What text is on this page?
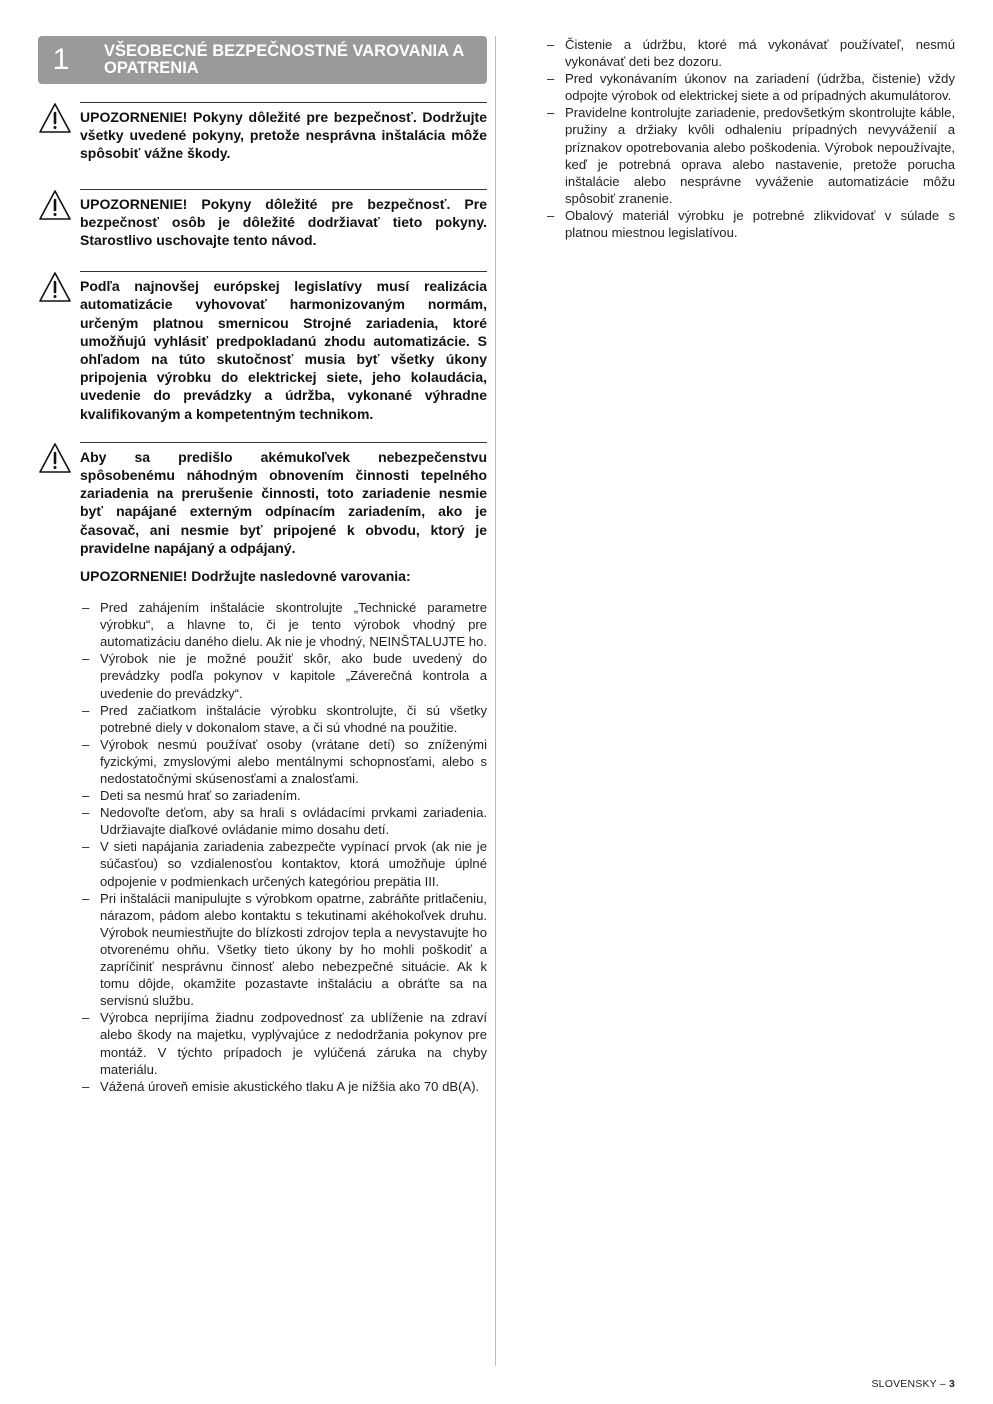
1	VŠEOBECNÉ BEZPEČNOSTNÉ VAROVANIA A OPATRENIA

UPOZORNENIE! Pokyny dôležité pre bezpečnosť. Dodržujte všetky uvedené pokyny, pretože nesprávna inštalácia môže spôsobiť vážne škody.

UPOZORNENIE! Pokyny dôležité pre bezpečnosť. Pre bezpečnosť osôb je dôležité dodržiavať tieto pokyny. Starostlivo uschovajte tento návod.

Podľa najnovšej európskej legislatívy musí realizácia automatizácie vyhovovať harmonizovaným normám, určeným platnou smernicou Strojné zariadenia, ktoré umožňujú vyhlásiť predpokladanú zhodu automatizácie. S ohľadom na túto skutočnosť musia byť všetky úkony pripojenia výrobku do elektrickej siete, jeho kolaudácia, uvedenie do prevádzky a údržba, vykonané výhradne kvalifikovaným a kompetentným technikom.

Aby sa predišlo akémukoľvek nebezpečenstvu spôsobenému náhodným obnovením činnosti tepelného zariadenia na prerušenie činnosti, toto zariadenie nesmie byť napájané externým odpínacím zariadením, ako je časovač, ani nesmie byť pripojené k obvodu, ktorý je pravidelne napájaný a odpájaný.

UPOZORNENIE! Dodržujte nasledovné varovania:

– Pred zahájením inštalácie skontrolujte „Technické parametre výrobku“, a hlavne to, či je tento výrobok vhodný pre automatizáciu daného dielu. Ak nie je vhodný, NEINŠTALUJTE ho.
– Výrobok nie je možné použiť skôr, ako bude uvedený do prevádzky podľa pokynov v kapitole „Záverečná kontrola a uvedenie do prevádzky“.
– Pred začiatkom inštalácie výrobku skontrolujte, či sú všetky potrebné diely v dokonalom stave, a či sú vhodné na použitie.
– Výrobok nesmú používať osoby (vrátane detí) so zníženými fyzickými, zmyslovými alebo mentálnymi schopnosťami, alebo s nedostatočnými skúsenosťami a znalosťami.
– Deti sa nesmú hrať so zariadením.
– Nedovoľte deťom, aby sa hrali s ovládacími prvkami zariadenia. Udržiavajte diaľkové ovládanie mimo dosahu detí.
– V sieti napájania zariadenia zabezpečte vypínací prvok (ak nie je súčasťou) so vzdialenosťou kontaktov, ktorá umožňuje úplné odpojenie v podmienkach určených kategóriou prepätia III.
– Pri inštalácii manipulujte s výrobkom opatrne, zabráňte pritlačeniu, nárazom, pádom alebo kontaktu s tekutinami akéhokoľvek druhu. Výrobok neumiestňujte do blízkosti zdrojov tepla a nevystavujte ho otvorenému ohňu. Všetky tieto úkony by ho mohli poškodiť a zapríčiniť nesprávnu činnosť alebo nebezpečné situácie. Ak k tomu dôjde, okamžite pozastavte inštaláciu a obráťte sa na servisnú službu.
– Výrobca neprijíma žiadnu zodpovednosť za ublíženie na zdraví alebo škody na majetku, vyplývajúce z nedodržania pokynov pre montáž. V týchto prípadoch je vylúčená záruka na chyby materiálu.
– Vážená úroveň emisie akustického tlaku A je nižšia ako 70 dB(A).
– Čistenie a údržbu, ktoré má vykonávať používateľ, nesmú vykonávať deti bez dozoru.
– Pred vykonávaním úkonov na zariadení (údržba, čistenie) vždy odpojte výrobok od elektrickej siete a od prípadných akumulátorov.
– Pravidelne kontrolujte zariadenie, predovšetkým skontrolujte káble, pružiny a držiaky kvôli odhaleniu prípadných nevyváženií a príznakov opotrebovania alebo poškodenia. Výrobok nepoužívajte, keď je potrebná oprava alebo nastavenie, pretože porucha inštalácie alebo nesprávne vyváženie automatizácie môžu spôsobiť zranenie.
– Obalový materiál výrobku je potrebné zlikvidovať v súlade s platnou miestnou legislatívou.
SLOVENSKY – 3
